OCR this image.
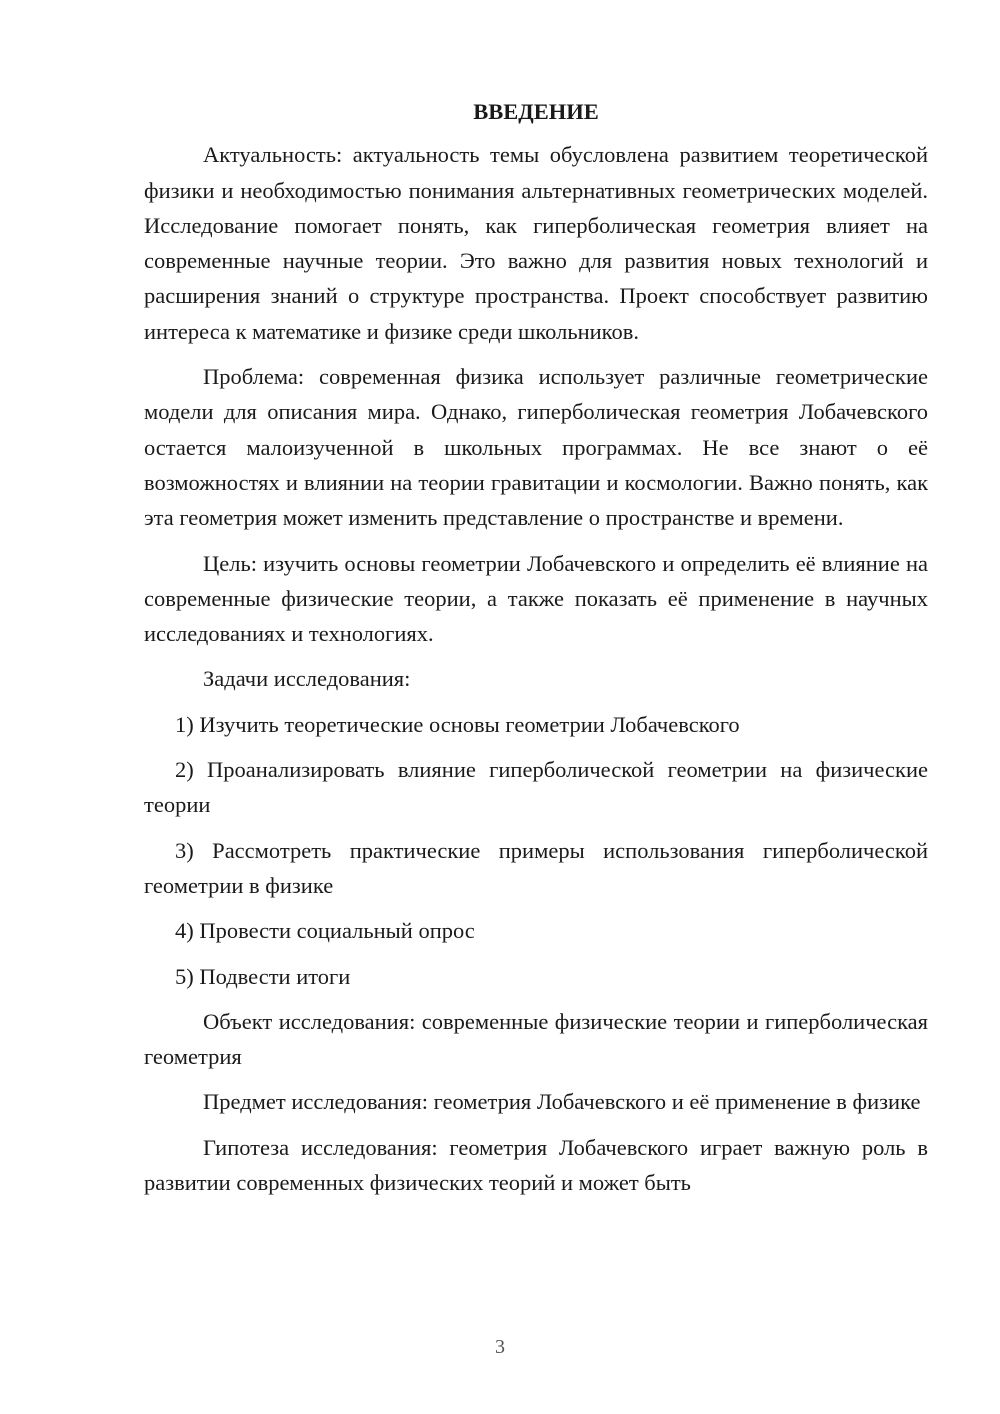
ВВЕДЕНИЕ

Актуальность: актуальность темы обусловлена развитием теоретической физики и необходимостью понимания альтернативных геометрических моделей. Исследование помогает понять, как гиперболическая геометрия влияет на современные научные теории. Это важно для развития новых технологий и расширения знаний о структуре пространства. Проект способствует развитию интереса к математике и физике среди школьников.

Проблема: современная физика использует различные геометрические модели для описания мира. Однако, гиперболическая геометрия Лобачевского остается малоизученной в школьных программах. Не все знают о её возможностях и влиянии на теории гравитации и космологии. Важно понять, как эта геометрия может изменить представление о пространстве и времени.

Цель: изучить основы геометрии Лобачевского и определить её влияние на современные физические теории, а также показать её применение в научных исследованиях и технологиях.

Задачи исследования:

1) Изучить теоретические основы геометрии Лобачевского

2) Проанализировать влияние гиперболической геометрии на физические теории

3) Рассмотреть практические примеры использования гиперболической геометрии в физике

4) Провести социальный опрос

5) Подвести итоги

Объект исследования: современные физические теории и гиперболическая геометрия

Предмет исследования: геометрия Лобачевского и её применение в физике

Гипотеза исследования: геометрия Лобачевского играет важную роль в развитии современных физических теорий и может быть

3
